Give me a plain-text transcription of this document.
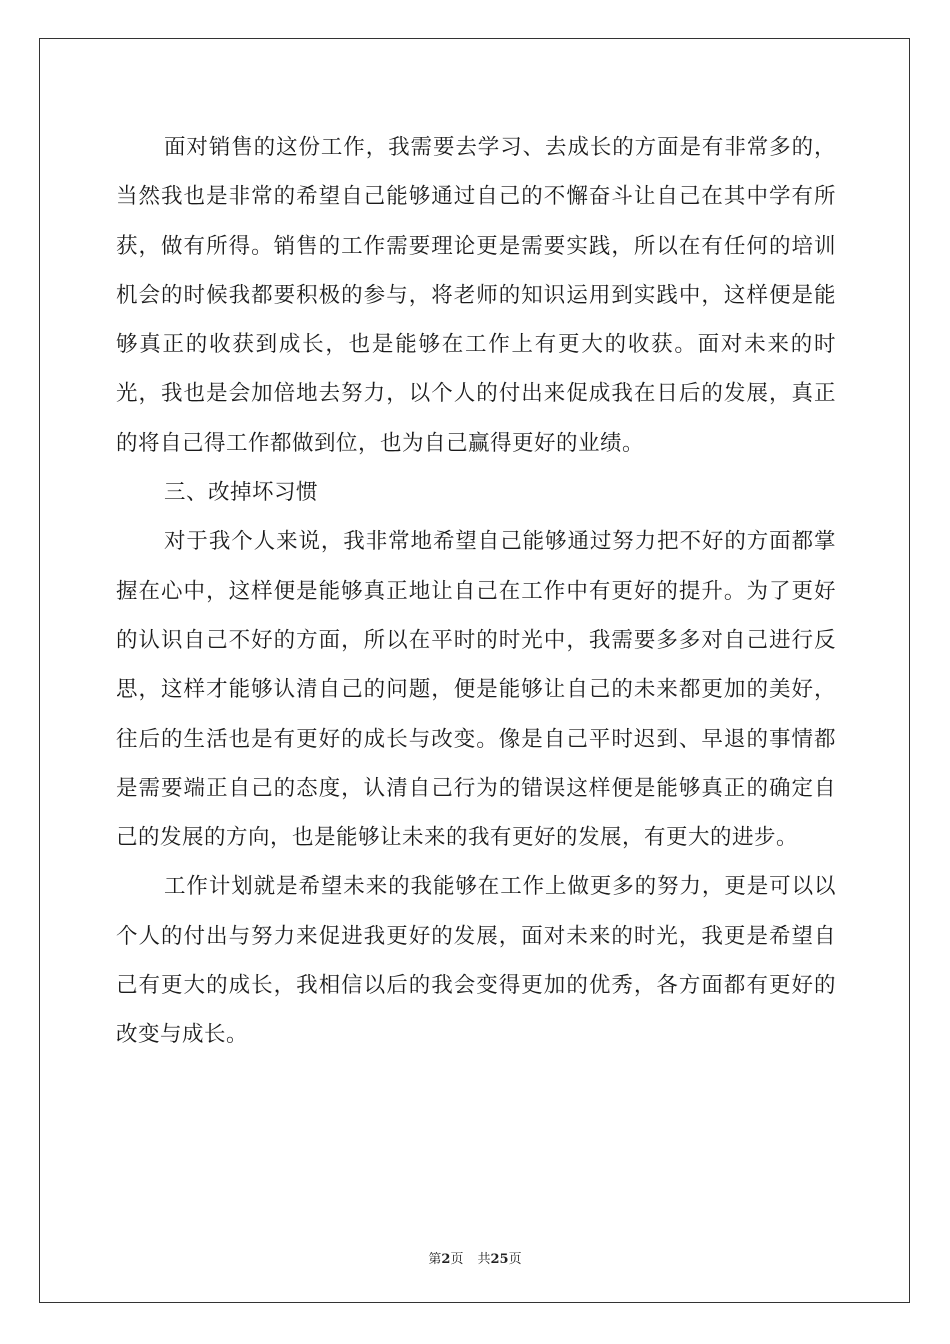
面对销售的这份工作，我需要去学习、去成长的方面是有非常多的，当然我也是非常的希望自己能够通过自己的不懈奋斗让自己在其中学有所获，做有所得。销售的工作需要理论更是需要实践，所以在有任何的培训机会的时候我都要积极的参与，将老师的知识运用到实践中，这样便是能够真正的收获到成长，也是能够在工作上有更大的收获。面对未来的时光，我也是会加倍地去努力，以个人的付出来促成我在日后的发展，真正的将自己得工作都做到位，也为自己赢得更好的业绩。

三、改掉坏习惯

对于我个人来说，我非常地希望自己能够通过努力把不好的方面都掌握在心中，这样便是能够真正地让自己在工作中有更好的提升。为了更好的认识自己不好的方面，所以在平时的时光中，我需要多多对自己进行反思，这样才能够认清自己的问题，便是能够让自己的未来都更加的美好，往后的生活也是有更好的成长与改变。像是自己平时迟到、早退的事情都是需要端正自己的态度，认清自己行为的错误这样便是能够真正的确定自己的发展的方向，也是能够让未来的我有更好的发展，有更大的进步。

工作计划就是希望未来的我能够在工作上做更多的努力，更是可以以个人的付出与努力来促进我更好的发展，面对未来的时光，我更是希望自己有更大的成长，我相信以后的我会变得更加的优秀，各方面都有更好的改变与成长。

第2页 共25页
